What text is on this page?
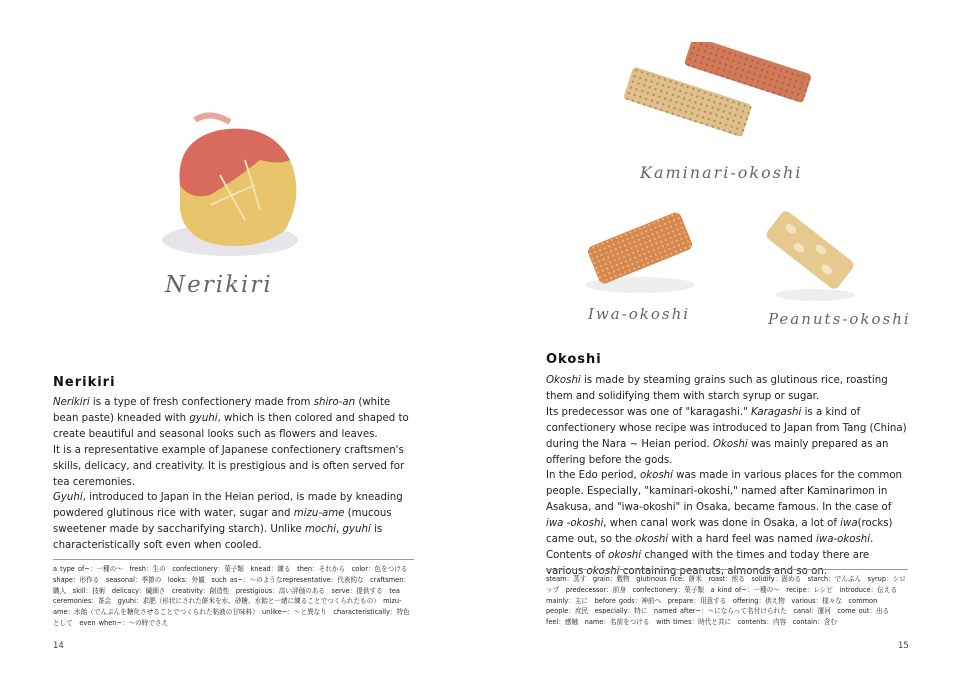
Nerikiri
Nerikiri

Nerikiri is a type of fresh confectionery made from shiro-an (white bean paste) kneaded with gyuhi, which is then colored and shaped to create beautiful and seasonal looks such as flowers and leaves.

It is a representative example of Japanese confectionery craftsmen's skills, delicacy, and creativity. It is prestigious and is often served for tea ceremonies.

Gyuhi, introduced to Japan in the Heian period, is made by kneading powdered glutinous rice with water, sugar and mizu-ame (mucous sweetener made by saccharifying starch). Unlike mochi, gyuhi is characteristically soft even when cooled.

a type of~：一種の～　fresh：生の　confectionery：菓子類　knead：練る　then：それから　color：色をつける　shape：形作る　seasonal：季節の　looks：外観　such as~：～のようなrepresentative：代表的な　craftsmen：職人　skill：技術　delicacy：繊細さ　creativity：創造性　prestigious：高い評価のある　serve：提供する　tea ceremonies：茶会　gyuhi：求肥（形状にされた餅米を水、砂糖、水飴と一緒に練ることでつくられたもの）　mizu-ame：水飴（でんぷんを糖化させることでつくられた粘液の甘味料）　unlike~：～と異なり　characteristically：特色として　even when~：～の時でさえ

14
Kaminari-okoshi
Iwa-okoshi	Peanuts-okoshi
Okoshi

Okoshi is made by steaming grains such as glutinous rice, roasting them and solidifying them with starch syrup or sugar.

Its predecessor was one of "karagashi." Karagashi is a kind of confectionery whose recipe was introduced to Japan from Tang (China) during the Nara ~ Heian period. Okoshi was mainly prepared as an offering before the gods.

In the Edo period, okoshi was made in various places for the common people. Especially, "kaminari-okoshi," named after Kaminarimon in Asakusa, and "iwa-okoshi" in Osaka, became famous. In the case of iwa -okoshi, when canal work was done in Osaka, a lot of iwa(rocks) came out, so the okoshi with a hard feel was named iwa-okoshi. Contents of okoshi changed with the times and today there are various okoshi containing peanuts, almonds and so on.

steam：蒸す　grain：穀物　glutinous rice：餅米　roast：煎る　solidify：固める　starch：でんぷん　syrup：シロップ　predecessor：前身　confectionery：菓子類　a kind of~：一種の～　recipe：レシピ　introduce：伝える　mainly：主に　before gods：神前へ　prepare：用意する　offering：供え物　various：様々な　common people：庶民　especially：特に　named after~：～にならって名付けられた　canal：運河　come out：出る　feel：感触　name：名前をつける　with times：時代と共に　contents：内容　contain：含む

15
